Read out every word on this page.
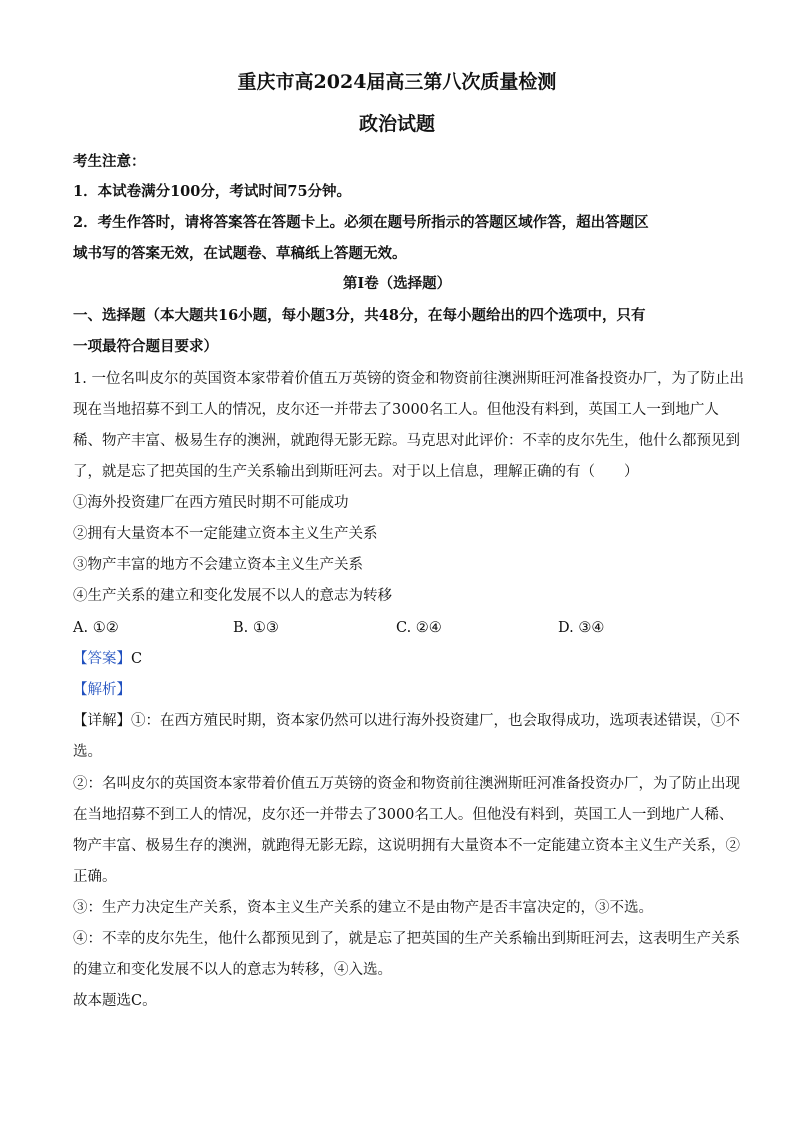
重庆市高2024届高三第八次质量检测
政治试题
考生注意：
1．本试卷满分100分，考试时间75分钟。
2．考生作答时，请将答案答在答题卡上。必须在题号所指示的答题区域作答，超出答题区
域书写的答案无效，在试题卷、草稿纸上答题无效。
第Ⅰ卷（选择题）
一、选择题（本大题共16小题，每小题3分，共48分，在每小题给出的四个选项中，只有
一项最符合题目要求）
1. 一位名叫皮尔的英国资本家带着价值五万英镑的资金和物资前往澳洲斯旺河准备投资办厂，为了防止出
现在当地招募不到工人的情况，皮尔还一并带去了3000名工人。但他没有料到，英国工人一到地广人
稀、物产丰富、极易生存的澳洲，就跑得无影无踪。马克思对此评价：不幸的皮尔先生，他什么都预见到
了，就是忘了把英国的生产关系输出到斯旺河去。对于以上信息，理解正确的有（　　）
①海外投资建厂在西方殖民时期不可能成功
②拥有大量资本不一定能建立资本主义生产关系
③物产丰富的地方不会建立资本主义生产关系
④生产关系的建立和变化发展不以人的意志为转移
A. ①②	B. ①③	C. ②④	D. ③④
【答案】C
【解析】
【详解】①：在西方殖民时期，资本家仍然可以进行海外投资建厂，也会取得成功，选项表述错误，①不
选。
②：名叫皮尔的英国资本家带着价值五万英镑的资金和物资前往澳洲斯旺河准备投资办厂，为了防止出现
在当地招募不到工人的情况，皮尔还一并带去了3000名工人。但他没有料到，英国工人一到地广人稀、
物产丰富、极易生存的澳洲，就跑得无影无踪，这说明拥有大量资本不一定能建立资本主义生产关系，②
正确。
③：生产力决定生产关系，资本主义生产关系的建立不是由物产是否丰富决定的，③不选。
④：不幸的皮尔先生，他什么都预见到了，就是忘了把英国的生产关系输出到斯旺河去，这表明生产关系
的建立和变化发展不以人的意志为转移，④入选。
故本题选C。
